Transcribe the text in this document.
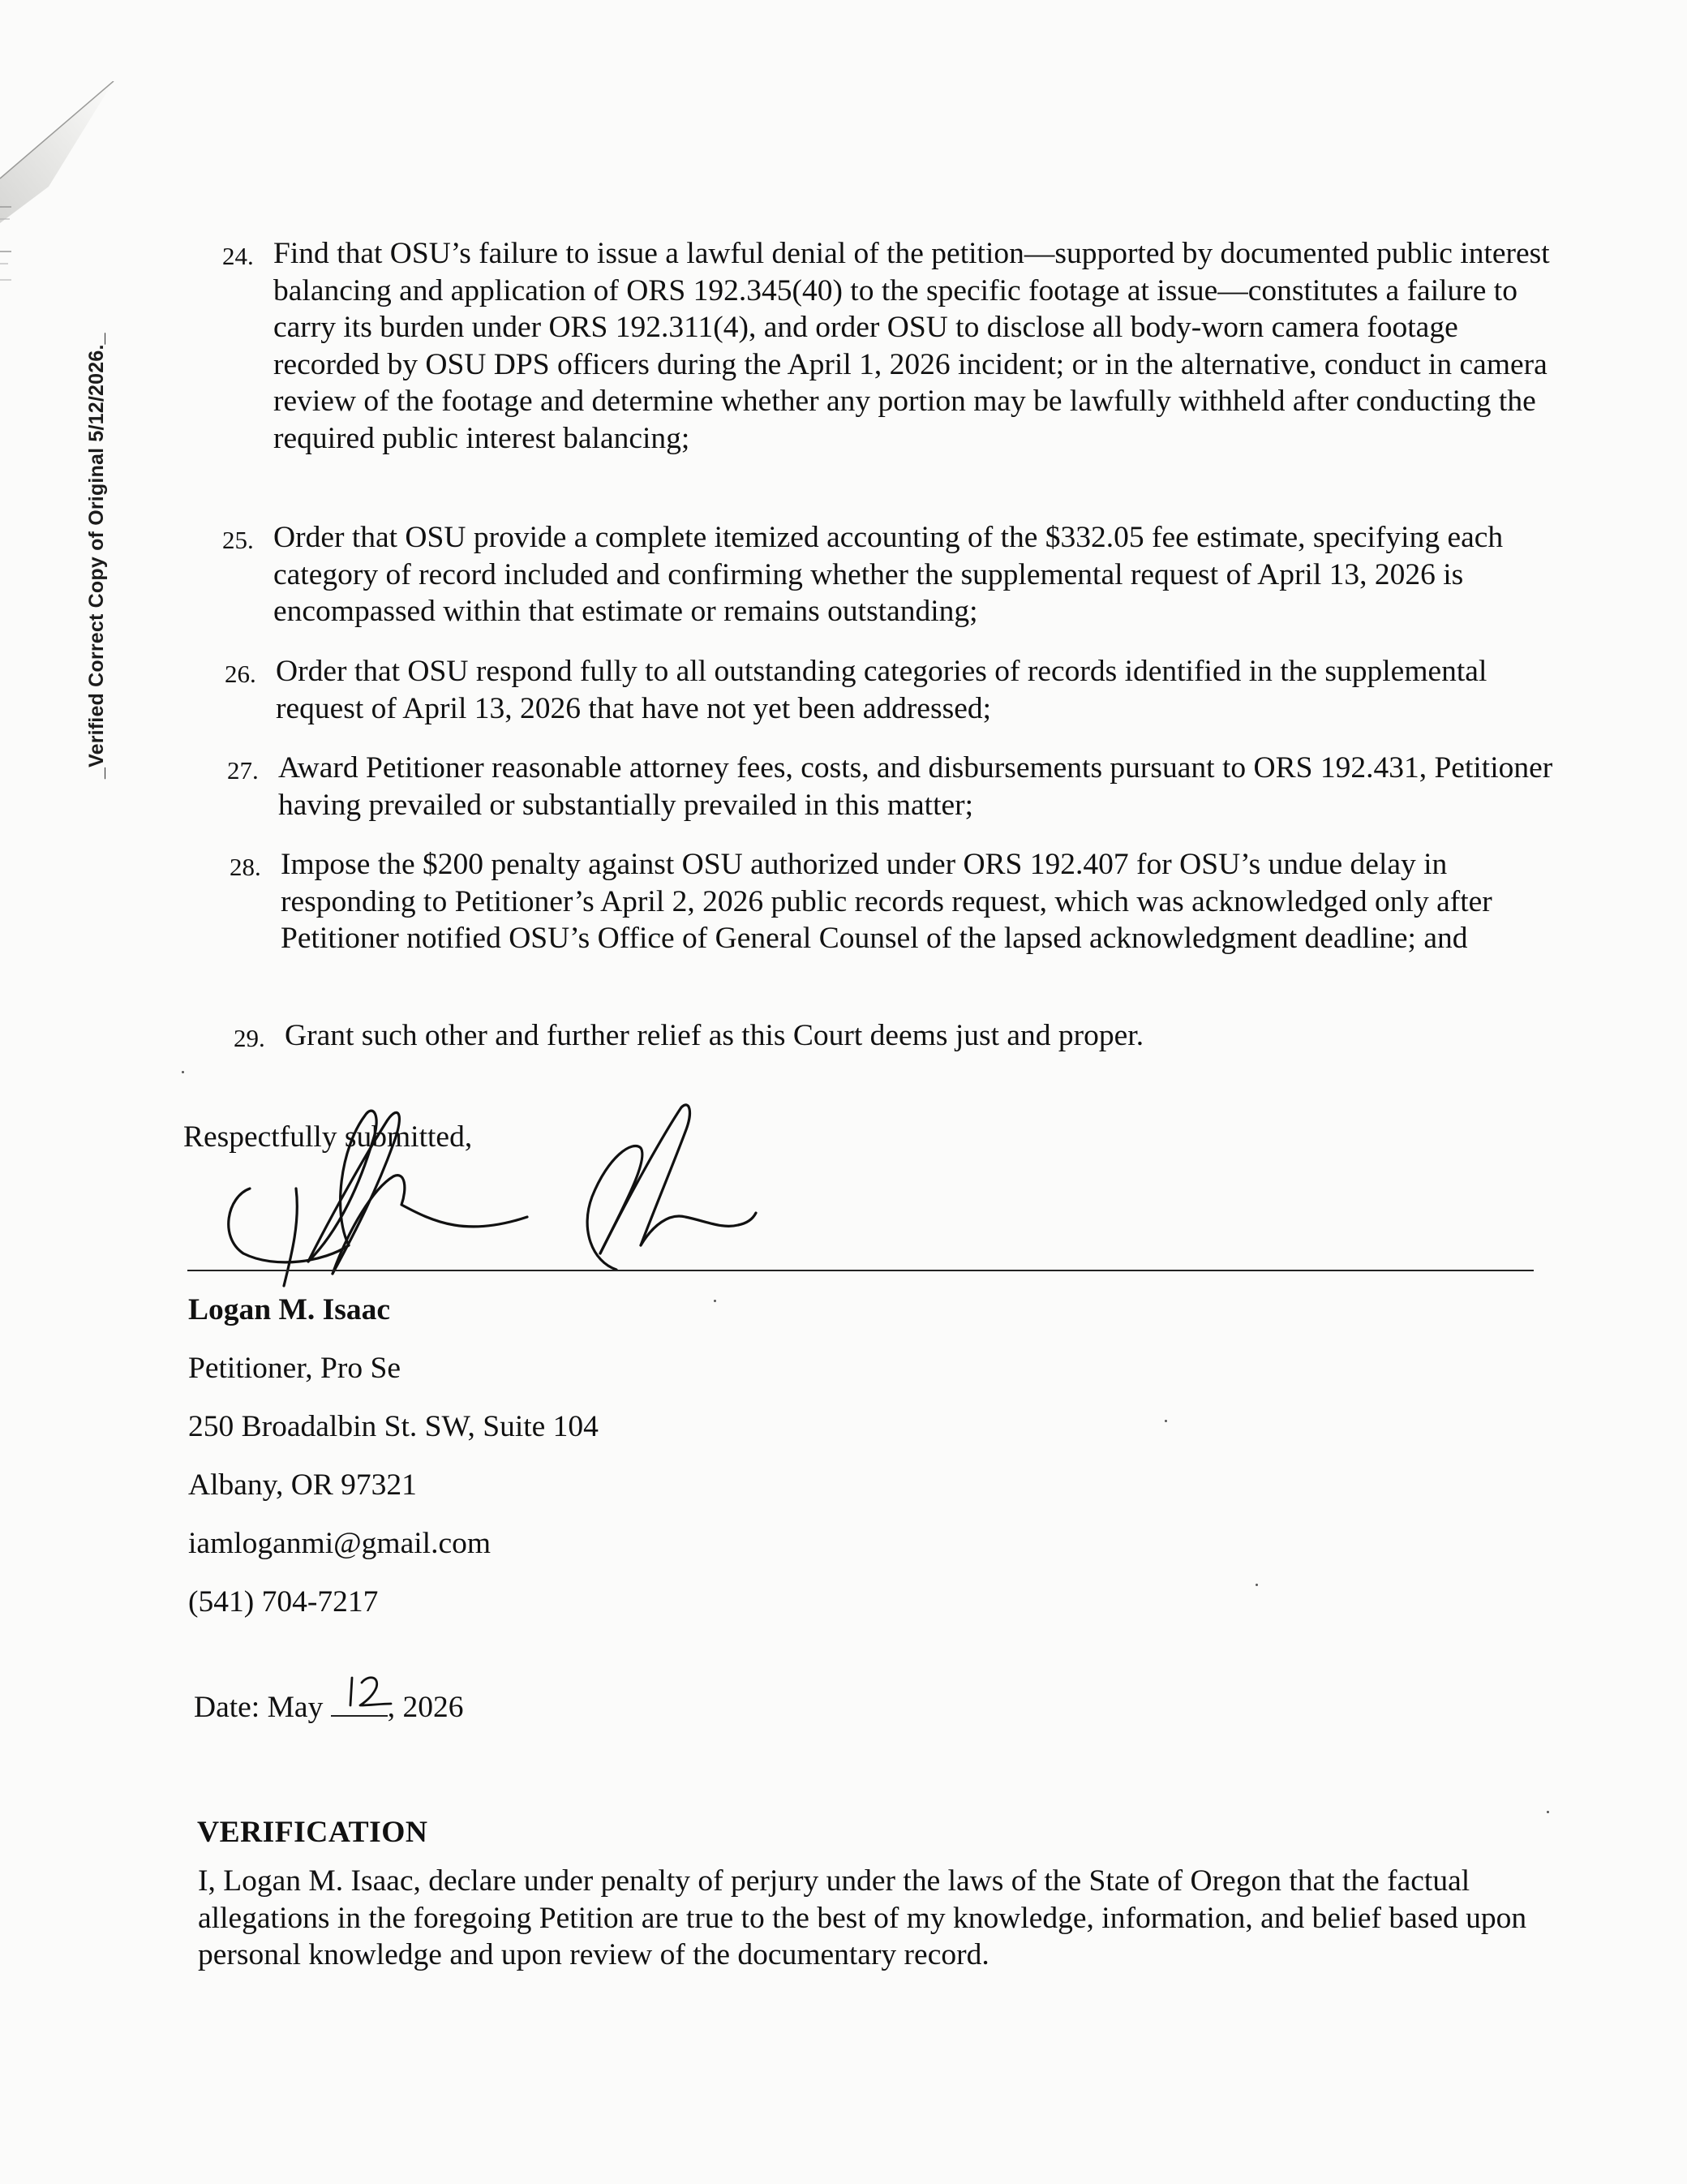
_Verified Correct Copy of Original 5/12/2026._
24. Find that OSU’s failure to issue a lawful denial of the petition—supported by documented public interest balancing and application of ORS 192.345(40) to the specific footage at issue—constitutes a failure to carry its burden under ORS 192.311(4), and order OSU to disclose all body-worn camera footage recorded by OSU DPS officers during the April 1, 2026 incident; or in the alternative, conduct in camera review of the footage and determine whether any portion may be lawfully withheld after conducting the required public interest balancing;
25. Order that OSU provide a complete itemized accounting of the $332.05 fee estimate, specifying each category of record included and confirming whether the supplemental request of April 13, 2026 is encompassed within that estimate or remains outstanding;
26. Order that OSU respond fully to all outstanding categories of records identified in the supplemental request of April 13, 2026 that have not yet been addressed;
27. Award Petitioner reasonable attorney fees, costs, and disbursements pursuant to ORS 192.431, Petitioner having prevailed or substantially prevailed in this matter;
28. Impose the $200 penalty against OSU authorized under ORS 192.407 for OSU’s undue delay in responding to Petitioner’s April 2, 2026 public records request, which was acknowledged only after Petitioner notified OSU’s Office of General Counsel of the lapsed acknowledgment deadline; and
29. Grant such other and further relief as this Court deems just and proper.
Respectfully submitted,
Logan M. Isaac
Petitioner, Pro Se
250 Broadalbin St. SW, Suite 104
Albany, OR 97321
iamloganmi@gmail.com
(541) 704-7217
Date: May , 2026
VERIFICATION
I, Logan M. Isaac, declare under penalty of perjury under the laws of the State of Oregon that the factual allegations in the foregoing Petition are true to the best of my knowledge, information, and belief based upon personal knowledge and upon review of the documentary record.
